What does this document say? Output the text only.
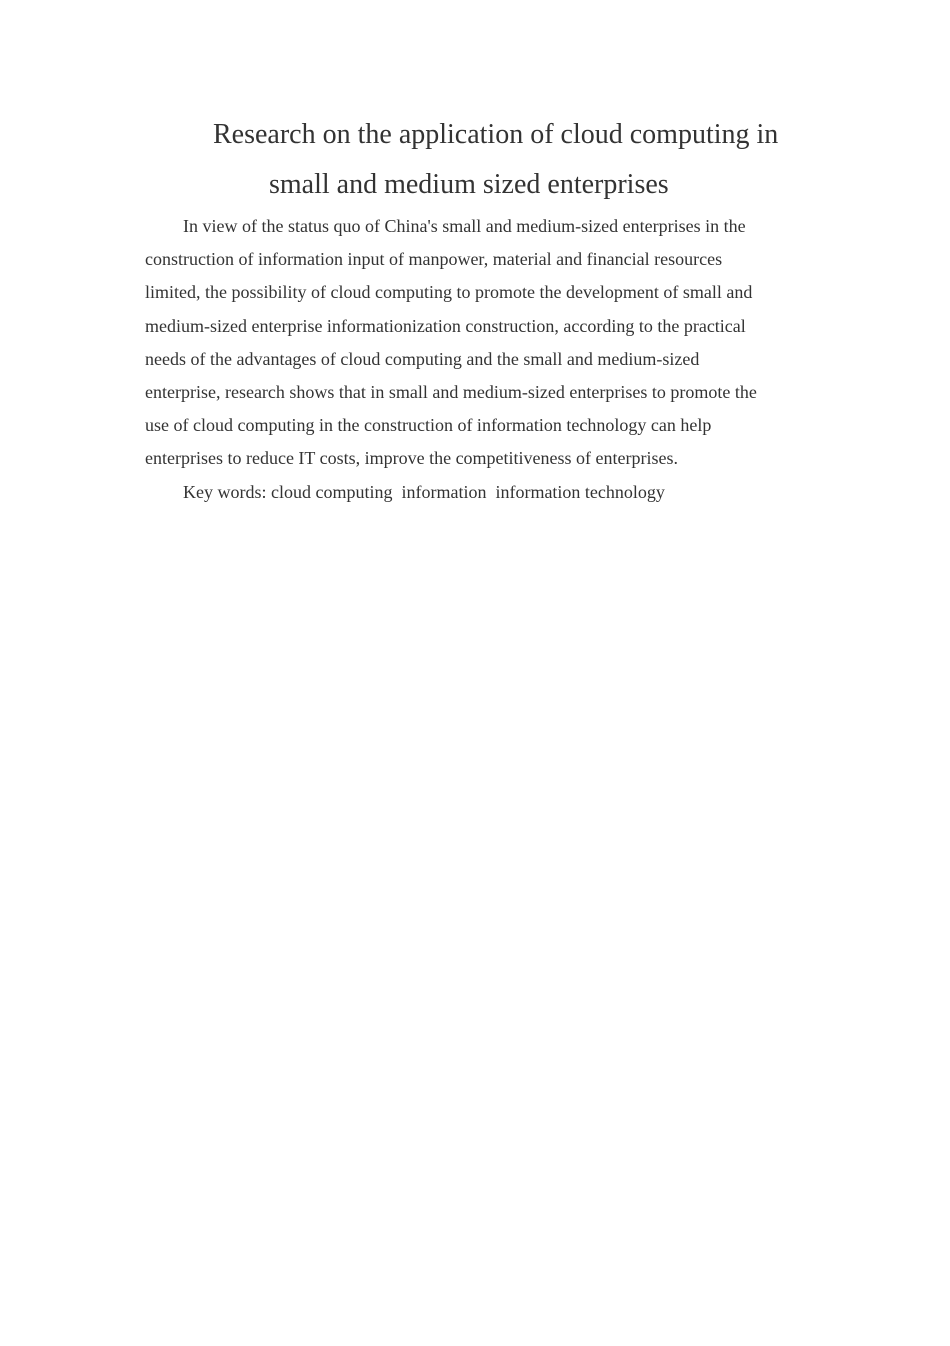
Research on the application of cloud computing in
small and medium sized enterprises
In view of the status quo of China's small and medium-sized enterprises in the
construction of information input of manpower, material and financial resources
limited, the possibility of cloud computing to promote the development of small and
medium-sized enterprise informationization construction, according to the practical
needs of the advantages of cloud computing and the small and medium-sized
enterprise, research shows that in small and medium-sized enterprises to promote the
use of cloud computing in the construction of information technology can help
enterprises to reduce IT costs, improve the competitiveness of enterprises.
Key words: cloud computing  information  information technology
